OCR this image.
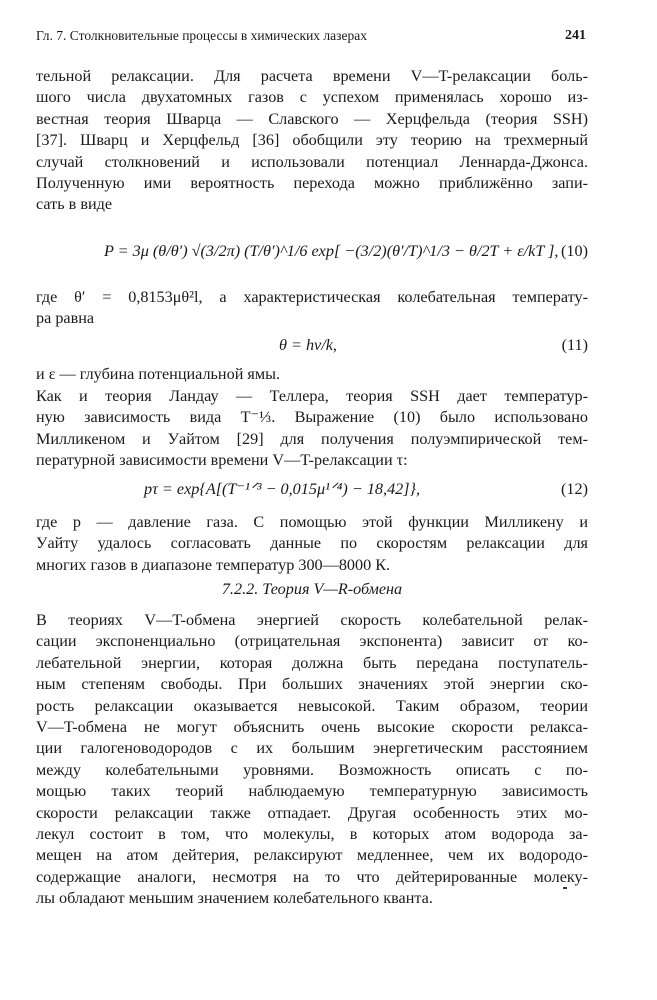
Гл. 7. Столкновительные процессы в химических лазерах	241
тельной релаксации. Для расчета времени V—T-релаксации боль-
шого числа двухатомных газов с успехом применялась хорошо из-
вестная теория Шварца — Славского — Херцфельда (теория SSH)
[37]. Шварц и Херцфельд [36] обобщили эту теорию на трехмерный
случай столкновений и использовали потенциал Леннарда-Джонса.
Полученную ими вероятность перехода можно приближённо запи-
сать в виде
P = 3μ (θ/θ′) √(3/2π) (T/θ′)^1/6 exp[ −(3/2)(θ′/T)^1/3 − θ/2T + ε/kT ], (10)
где θ′ = 0,8153μθ²l, а характеристическая колебательная температу-
ра равна
θ = hν/k,	(11)
и ε — глубина потенциальной ямы.
Как и теория Ландау — Теллера, теория SSH дает температур-
ную зависимость вида T⁻⅓. Выражение (10) было использовано
Милликеном и Уайтом [29] для получения полуэмпирической тем-
пературной зависимости времени V—T-релаксации τ:
pτ = exp{A[(T⁻¹ᐟ³ − 0,015μ¹ᐟ⁴) − 18,42]},	(12)
где p — давление газа. С помощью этой функции Милликену и
Уайту удалось согласовать данные по скоростям релаксации для
многих газов в диапазоне температур 300—8000 К.
7.2.2. Теория V—R-обмена
В теориях V—T-обмена энергией скорость колебательной релак-
сации экспоненциально (отрицательная экспонента) зависит от ко-
лебательной энергии, которая должна быть передана поступатель-
ным степеням свободы. При больших значениях этой энергии ско-
рость релаксации оказывается невысокой. Таким образом, теории
V—T-обмена не могут объяснить очень высокие скорости релакса-
ции галогеноводородов с их большим энергетическим расстоянием
между колебательными уровнями. Возможность описать с по-
мощью таких теорий наблюдаемую температурную зависимость
скорости релаксации также отпадает. Другая особенность этих мо-
лекул состоит в том, что молекулы, в которых атом водорода за-
мещен на атом дейтерия, релаксируют медленнее, чем их водородо-
содержащие аналоги, несмотря на то что дейтерированные молеку-
лы обладают меньшим значением колебательного кванта.
